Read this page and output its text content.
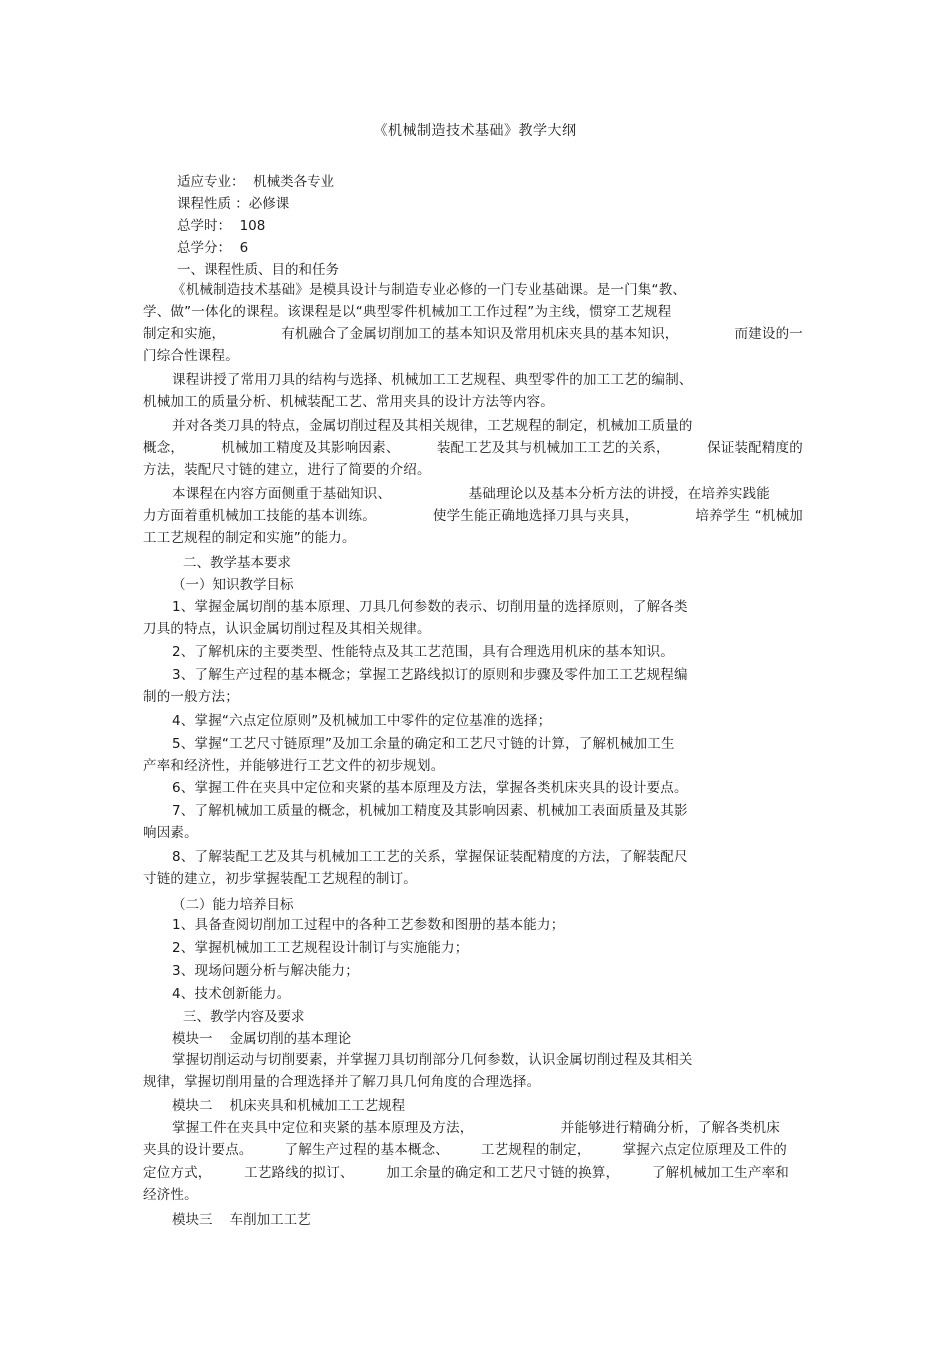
《机械制造技术基础》教学大纲
适应专业：  机械类各专业
课程性质 ：必修课
总学时：  108
总学分：  6
一、课程性质、目的和任务
《机械制造技术基础》是模具设计与制造专业必修的一门专业基础课。是一门集“教、
学、做”一体化的课程。该课程是以“典型零件机械加工工作过程”为主线，惯穿工艺规程
制定和实施，	有机融合了金属切削加工的基本知识及常用机床夹具的基本知识，	而建设的一
门综合性课程。
课程讲授了常用刀具的结构与选择、机械加工工艺规程、典型零件的加工工艺的编制、
机械加工的质量分析、机械装配工艺、常用夹具的设计方法等内容。
并对各类刀具的特点，金属切削过程及其相关规律，工艺规程的制定，机械加工质量的
概念，	机械加工精度及其影响因素、	装配工艺及其与机械加工工艺的关系，	保证装配精度的
方法，装配尺寸链的建立，进行了简要的介绍。
本课程在内容方面侧重于基础知识、	基础理论以及基本分析方法的讲授，在培养实践能
力方面着重机械加工技能的基本训练。	使学生能正确地选择刀具与夹具，	培养学生 “机械加
工工艺规程的制定和实施”的能力。
二、教学基本要求
（一）知识教学目标
1、掌握金属切削的基本原理、刀具几何参数的表示、切削用量的选择原则，了解各类
刀具的特点，认识金属切削过程及其相关规律。
2、了解机床的主要类型、性能特点及其工艺范围，具有合理选用机床的基本知识。
3、了解生产过程的基本概念；掌握工艺路线拟订的原则和步骤及零件加工工艺规程编
制的一般方法；
4、掌握“六点定位原则”及机械加工中零件的定位基准的选择；
5、掌握“工艺尺寸链原理”及加工余量的确定和工艺尺寸链的计算，了解机械加工生
产率和经济性，并能够进行工艺文件的初步规划。
6、掌握工件在夹具中定位和夹紧的基本原理及方法，掌握各类机床夹具的设计要点。
7、了解机械加工质量的概念，机械加工精度及其影响因素、机械加工表面质量及其影
响因素。
8、了解装配工艺及其与机械加工工艺的关系，掌握保证装配精度的方法，了解装配尺
寸链的建立，初步掌握装配工艺规程的制订。
（二）能力培养目标
1、具备查阅切削加工过程中的各种工艺参数和图册的基本能力；
2、掌握机械加工工艺规程设计制订与实施能力；
3、现场问题分析与解决能力；
4、技术创新能力。
三、教学内容及要求
模块一    金属切削的基本理论
掌握切削运动与切削要素，并掌握刀具切削部分几何参数，认识金属切削过程及其相关
规律，掌握切削用量的合理选择并了解刀具几何角度的合理选择。
模块二    机床夹具和机械加工工艺规程
掌握工件在夹具中定位和夹紧的基本原理及方法，	并能够进行精确分析，了解各类机床
夹具的设计要点。 了解生产过程的基本概念、 工艺规程的制定， 掌握六点定位原理及工件的
定位方式， 工艺路线的拟订、 加工余量的确定和工艺尺寸链的换算， 了解机械加工生产率和
经济性。
模块三    车削加工工艺
